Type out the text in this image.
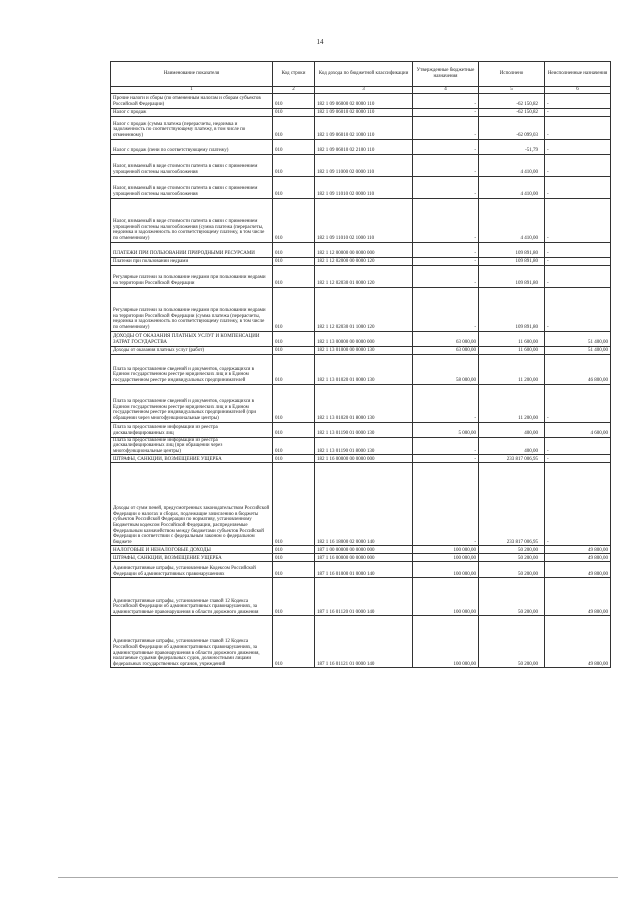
14
Наименование показателя	Код строки	Код дохода по бюджетной классификации	Утвержденные бюджетные назначения	Исполнено	Неисполненные назначения
1	2	3	4	5	6
Прочие налоги и сборы (по отмененным налогам и сборам субъектов Российской Федерации)	010	182 1 09 06000 02 0000 110	-	-62 150,82	-
Налог с продаж	010	182 1 09 06010 02 0000 110	-	-62 150,82	-
Налог с продаж (сумма платежа (перерасчеты, недоимка и задолженность по соответствующему платежу, в том числе по отмененному)	010	182 1 09 06010 02 1000 110	-	-62 099,03	-
Налог с продаж (пени по соответствующему платежу)	010	182 1 09 06010 02 2100 110	-	-51,79	-
Налог, взимаемый в виде стоимости патента в связи с применением упрощенной системы налогообложения	010	182 1 09 11000 02 0000 110	-	4 410,00	-
Налог, взимаемый в виде стоимости патента в связи с применением упрощенной системы налогообложения	010	182 1 09 11010 02 0000 110	-	4 410,00	-
Налог, взимаемый в виде стоимости патента в связи с применением упрощенной системы налогообложения (сумма платежа (перерасчеты, недоимка и задолженность по соответствующему платежу, в том числе по отмененному)	010	182 1 09 11010 02 1000 110	-	4 410,00	-
ПЛАТЕЖИ ПРИ ПОЛЬЗОВАНИИ ПРИРОДНЫМИ РЕСУРСАМИ	010	182 1 12 00000 00 0000 000	-	109 891,80	-
Платежи при пользовании недрами	010	182 1 12 02000 00 0000 120	-	109 891,80	-
Регулярные платежи за пользование недрами при пользовании недрами на территории Российской Федерации	010	182 1 12 02030 01 0000 120	-	109 891,80	-
Регулярные платежи за пользование недрами при пользовании недрами на территории Российской Федерации (сумма платежа (перерасчеты, недоимка и задолженность по соответствующему платежу, в том числе по отмененному)	010	182 1 12 02030 01 1000 120	-	109 891,80	-
ДОХОДЫ ОТ ОКАЗАНИЯ ПЛАТНЫХ УСЛУГ И КОМПЕНСАЦИИ ЗАТРАТ ГОСУДАРСТВА	010	182 1 13 00000 00 0000 000	63 000,00	11 600,00	51 400,00
Доходы от оказания платных услуг (работ)	010	182 1 13 01000 00 0000 130	63 000,00	11 600,00	51 400,00
Плата за предоставление сведений и документов, содержащихся в Едином государственном реестре юридических лиц и в Едином государственном реестре индивидуальных предпринимателей	010	182 1 13 01020 01 0000 130	58 000,00	11 200,00	46 800,00
Плата за предоставление сведений и документов, содержащихся в Едином государственном реестре юридических лиц и в Едином государственном реестре индивидуальных предпринимателей (при обращении через многофункциональные центры)	010	182 1 13 01020 01 8000 130	-	11 200,00	-
Плата за предоставление информации из реестра дисквалифицированных лиц	010	182 1 13 01190 01 0000 130	5 000,00	400,00	4 600,00
Плата за предоставление информации из реестра дисквалифицированных лиц (при обращении через многофункциональные центры)	010	182 1 13 01190 01 8000 130	-	400,00	-
ШТРАФЫ, САНКЦИИ, ВОЗМЕЩЕНИЕ УЩЕРБА	010	182 1 16 00000 00 0000 000	-	233 817 006,95	-
Доходы от сумм пеней, предусмотренных законодательством Российской Федерации о налогах и сборах, подлежащие зачислению в бюджеты субъектов Российской Федерации по нормативу, установленному Бюджетным кодексом Российской Федерации, распределяемые Федеральным казначейством между бюджетами субъектов Российской Федерации в соответствии с федеральным законом о федеральном бюджете	010	182 1 16 18000 02 0000 140	-	233 817 006,95	-
НАЛОГОВЫЕ И НЕНАЛОГОВЫЕ ДОХОДЫ	010	187 1 00 00000 00 0000 000	100 000,00	50 200,00	49 800,00
ШТРАФЫ, САНКЦИИ, ВОЗМЕЩЕНИЕ УЩЕРБА	010	187 1 16 00000 00 0000 000	100 000,00	50 200,00	49 800,00
Административные штрафы, установленные Кодексом Российской Федерации об административных правонарушениях	010	187 1 16 01000 01 0000 140	100 000,00	50 200,00	49 800,00
Административные штрафы, установленные главой 12 Кодекса Российской Федерации об административных правонарушениях, за административные правонарушения в области дорожного движения	010	187 1 16 01120 01 0000 140	100 000,00	50 200,00	49 800,00
Административные штрафы, установленные главой 12 Кодекса Российской Федерации об административных правонарушениях, за административные правонарушения в области дорожного движения, налагаемые судьями федеральных судов, должностными лицами федеральных государственных органов, учреждений	010	187 1 16 01121 01 0000 140	100 000,00	50 200,00	49 800,00
